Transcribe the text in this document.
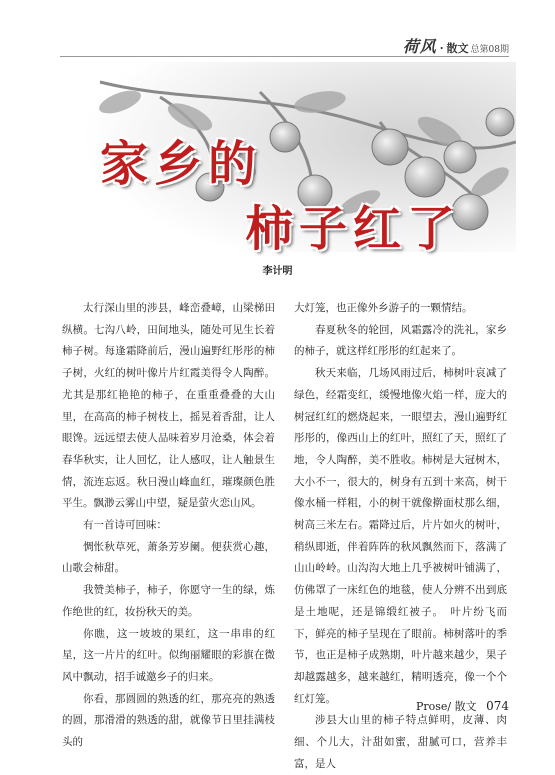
荷风 · 散文 总第08期
家乡的
柿子红了
李计明

太行深山里的涉县，峰峦叠嶂，山梁梯田纵横。七沟八岭，田间地头，随处可见生长着柿子树。每逢霜降前后，漫山遍野红彤彤的柿子树，火红的树叶像片片红霞美得令人陶醉。尤其是那红艳艳的柿子，在重重叠叠的大山里，在高高的柿子树枝上，摇晃着香甜，让人眼馋。远远望去使人品味着岁月沧桑，体会着春华秋实，让人回忆，让人感叹，让人触景生情，流连忘返。秋日漫山峰血红，璀璨颜色胜平生。飘渺云雾山中望，疑是萤火恋山风。

有一首诗可回味：

惆怅秋草死，萧条芳岁阑。便获赏心趣，山歌会柿甜。

我赞美柿子，柿子，你愿守一生的绿，炼作绝世的红，妆扮秋天的美。

你瞧，这一坡坡的果红，这一串串的红星，这一片片的红叶。似绚丽耀眼的彩旗在微风中飘动，招手诚邀乡子的归来。

你看，那圆圆的熟透的红，那亮亮的熟透的圆，那滑滑的熟透的甜，就像节日里挂满枝头的

大灯笼，也正像外乡游子的一颗情结。

春夏秋冬的轮回，风霜露冷的洗礼，家乡的柿子，就这样红彤彤的红起来了。

秋天来临，几场风雨过后，柿树叶哀减了绿色，经霜变红，缓慢地像火焰一样，庞大的树冠红红的燃烧起来，一眼望去，漫山遍野红彤彤的，像西山上的红叶，照红了天，照红了地，令人陶醉，美不胜收。柿树是大冠树木，大小不一，很大的，树身有五到十来高，树干像水桶一样粗，小的树干就像擀面杖那么细，树高三米左右。霜降过后，片片如火的树叶，稍纵即逝，伴着阵阵的秋风飘然而下，落满了山山岭岭。山沟沟大地上几乎被树叶铺满了，仿佛罩了一床红色的地毯，使人分辨不出到底是土地呢，还是锦缎红被子。　叶片纷飞而下，鲜亮的柿子呈现在了眼前。柿树落叶的季节，也正是柿子成熟期，叶片越来越少，果子却越露越多，越来越红，精明透亮，像一个个红灯笼。

涉县大山里的柿子特点鲜明，皮薄、肉细、个儿大，汁甜如蜜，甜腻可口，营养丰富，是人

Prose/ 散文 074
